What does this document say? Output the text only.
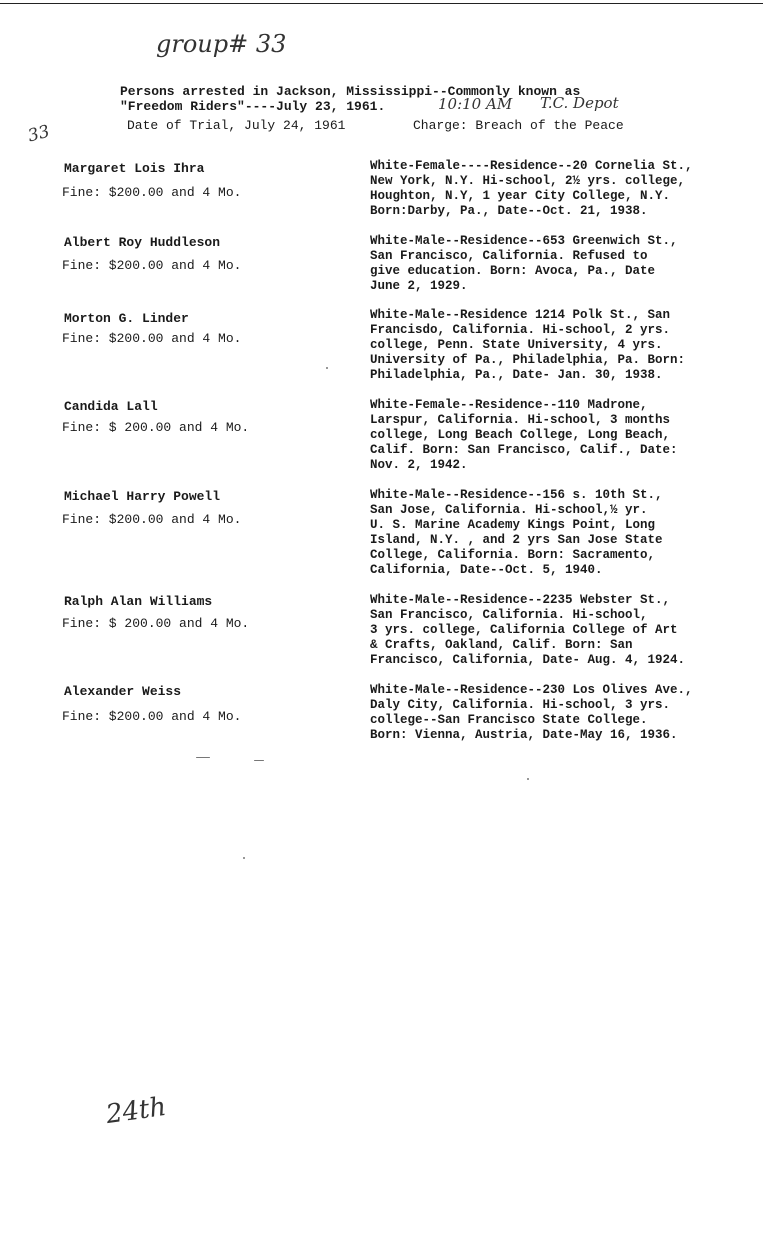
group# 33
33
Persons arrested in Jackson, Mississippi--Commonly known as
"Freedom Riders"----July 23, 1961.	10:10 AM T.C. Depot
Date of Trial, July 24, 1961	Charge: Breach of the Peace
Margaret Lois Ihra
Fine: $200.00 and 4 Mo.
White-Female----Residence--20 Cornelia St.,
New York, N.Y. Hi-school, 2½ yrs. college,
Houghton, N.Y, 1 year City College, N.Y.
Born:Darby, Pa., Date--Oct. 21, 1938.
Albert Roy Huddleson
Fine: $200.00 and 4 Mo.
White-Male--Residence--653 Greenwich St.,
San Francisco, California. Refused to
give education. Born: Avoca, Pa., Date
June 2, 1929.
Morton G. Linder
Fine: $200.00 and 4 Mo.
White-Male--Residence 1214 Polk St., San
Francisdo, California. Hi-school, 2 yrs.
college, Penn. State University, 4 yrs.
University of Pa., Philadelphia, Pa. Born:
Philadelphia, Pa., Date- Jan. 30, 1938.
Candida Lall
Fine: $ 200.00 and 4 Mo.
White-Female--Residence--110 Madrone,
Larspur, California. Hi-school, 3 months
college, Long Beach College, Long Beach,
Calif. Born: San Francisco, Calif., Date:
Nov. 2, 1942.
Michael Harry Powell
Fine: $200.00 and 4 Mo.
White-Male--Residence--156 s. 10th St.,
San Jose, California. Hi-school,½ yr.
U. S. Marine Academy Kings Point, Long
Island, N.Y. , and 2 yrs San Jose State
College, California. Born: Sacramento,
California, Date--Oct. 5, 1940.
Ralph Alan Williams
Fine: $ 200.00 and 4 Mo.
White-Male--Residence--2235 Webster St.,
San Francisco, California. Hi-school,
3 yrs. college, California College of Art
& Crafts, Oakland, Calif. Born: San
Francisco, California, Date- Aug. 4, 1924.
Alexander Weiss
Fine: $200.00 and 4 Mo.
White-Male--Residence--230 Los Olives Ave.,
Daly City, California. Hi-school, 3 yrs.
college--San Francisco State College.
Born: Vienna, Austria, Date-May 16, 1936.
24th
